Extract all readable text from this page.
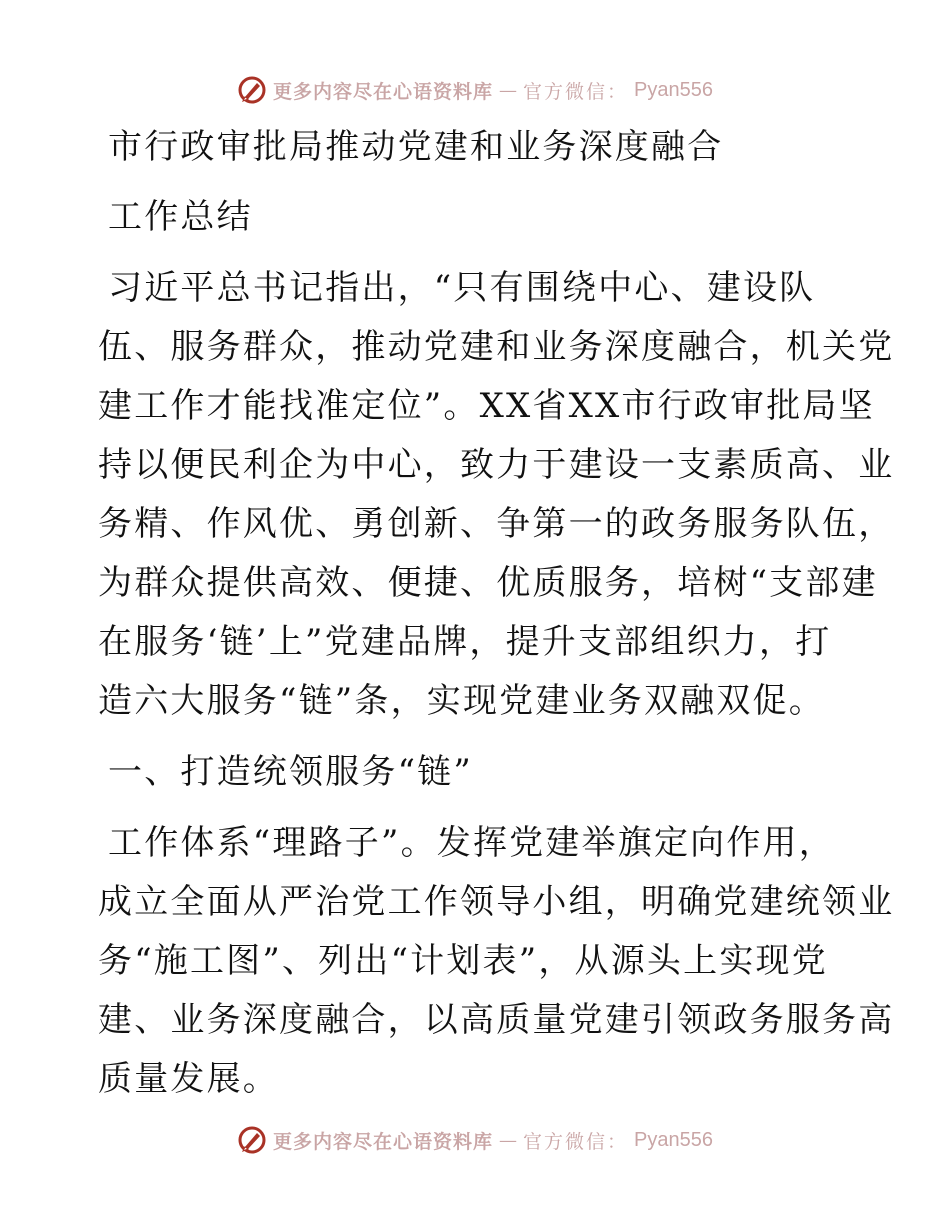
更多内容尽在心语资料库 — 官方微信： Pyan556
市行政审批局推动党建和业务深度融合
工作总结
习近平总书记指出，“只有围绕中心、建设队
伍、服务群众，推动党建和业务深度融合，机关党
建工作才能找准定位”。XX省XX市行政审批局坚
持以便民利企为中心，致力于建设一支素质高、业
务精、作风优、勇创新、争第一的政务服务队伍，
为群众提供高效、便捷、优质服务，培树“支部建
在服务‘链’上”党建品牌，提升支部组织力，打
造六大服务“链”条，实现党建业务双融双促。
一、打造统领服务“链”
工作体系“理路子”。发挥党建举旗定向作用，
成立全面从严治党工作领导小组，明确党建统领业
务“施工图”、列出“计划表”，从源头上实现党
建、业务深度融合，以高质量党建引领政务服务高
质量发展。
更多内容尽在心语资料库 — 官方微信： Pyan556
